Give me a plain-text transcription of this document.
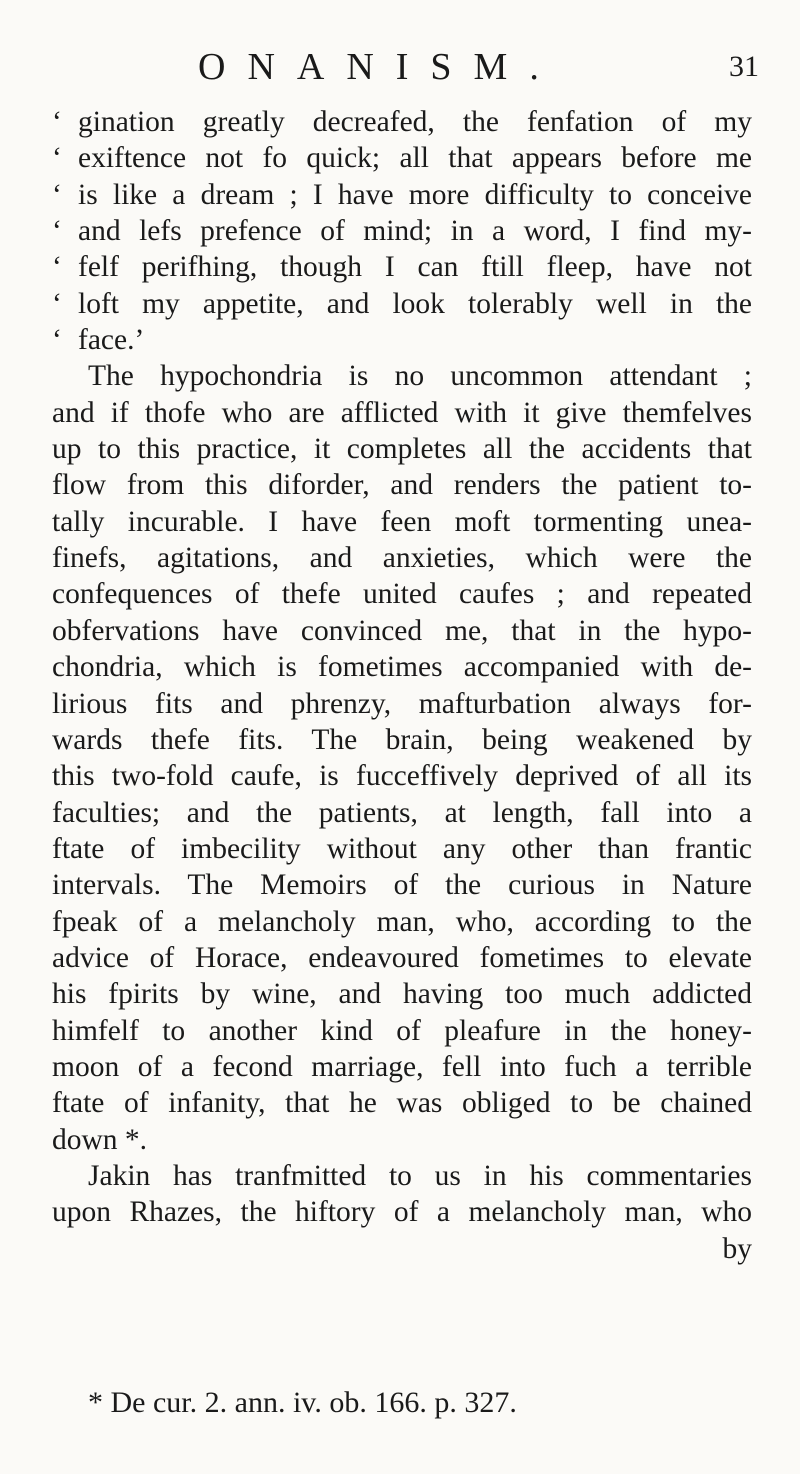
ONANISM.	31
‘ gination greatly decreafed, the fenfation of my
‘ exiftence not fo quick; all that appears before me
‘ is like a dream ; I have more difficulty to conceive
‘ and lefs prefence of mind; in a word, I find my-
‘ felf perifhing, though I can ftill fleep, have not
‘ loft my appetite, and look tolerably well in the
‘ face.’
The hypochondria is no uncommon attendant ;
and if thofe who are afflicted with it give themfelves
up to this practice, it completes all the accidents that
flow from this diforder, and renders the patient to-
tally incurable. I have feen moft tormenting unea-
finefs, agitations, and anxieties, which were the
confequences of thefe united caufes ; and repeated
obfervations have convinced me, that in the hypo-
chondria, which is fometimes accompanied with de-
lirious fits and phrenzy, mafturbation always for-
wards thefe fits. The brain, being weakened by
this two-fold caufe, is fucceffively deprived of all its
faculties; and the patients, at length, fall into a
ftate of imbecility without any other than frantic
intervals. The Memoirs of the curious in Nature
fpeak of a melancholy man, who, according to the
advice of Horace, endeavoured fometimes to elevate
his fpirits by wine, and having too much addicted
himfelf to another kind of pleafure in the honey-
moon of a fecond marriage, fell into fuch a terrible
ftate of infanity, that he was obliged to be chained
down *.
Jakin has tranfmitted to us in his commentaries
upon Rhazes, the hiftory of a melancholy man, who
by
* De cur. 2. ann. iv. ob. 166. p. 327.
